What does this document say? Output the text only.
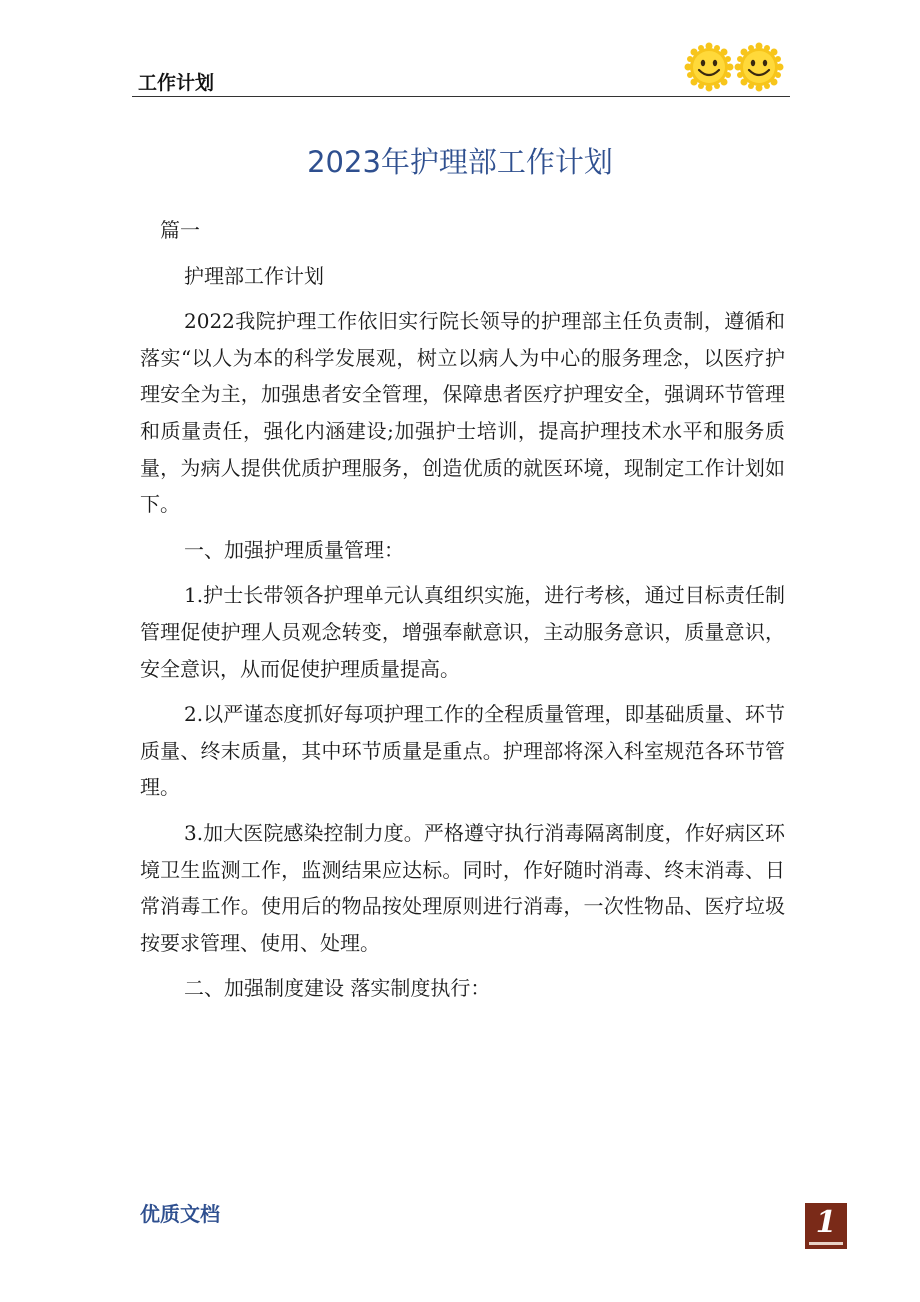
工作计划
2023年护理部工作计划

篇一

护理部工作计划

2022我院护理工作依旧实行院长领导的护理部主任负责制，遵循和落实“以人为本的科学发展观，树立以病人为中心的服务理念，以医疗护理安全为主，加强患者安全管理，保障患者医疗护理安全，强调环节管理和质量责任，强化内涵建设;加强护士培训，提高护理技术水平和服务质量，为病人提供优质护理服务，创造优质的就医环境，现制定工作计划如下。

一、加强护理质量管理：

1.护士长带领各护理单元认真组织实施，进行考核，通过目标责任制管理促使护理人员观念转变，增强奉献意识，主动服务意识，质量意识，安全意识，从而促使护理质量提高。

2.以严谨态度抓好每项护理工作的全程质量管理，即基础质量、环节质量、终末质量，其中环节质量是重点。护理部将深入科室规范各环节管理。

3.加大医院感染控制力度。严格遵守执行消毒隔离制度，作好病区环境卫生监测工作，监测结果应达标。同时，作好随时消毒、终末消毒、日常消毒工作。使用后的物品按处理原则进行消毒，一次性物品、医疗垃圾按要求管理、使用、处理。

二、加强制度建设 落实制度执行：

优质文档	1
